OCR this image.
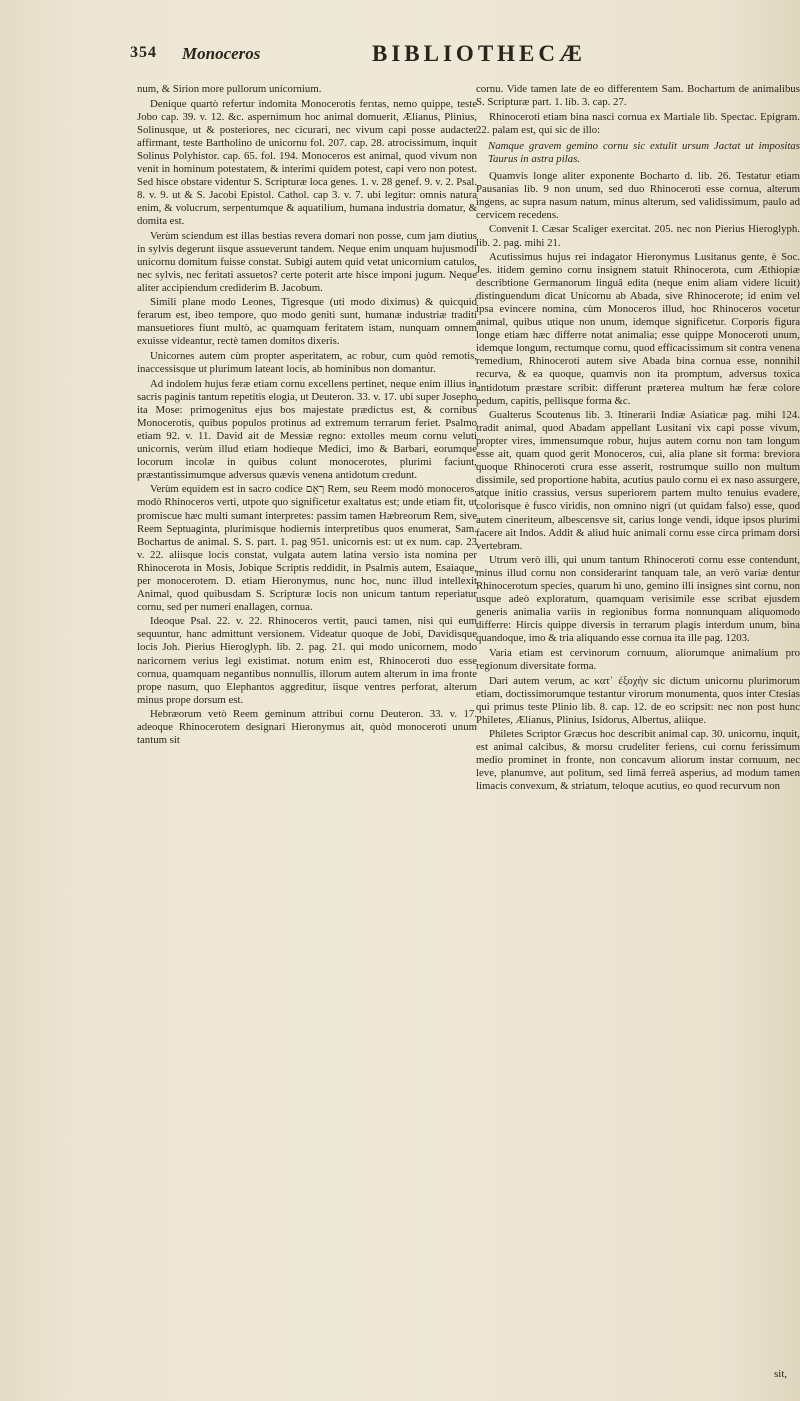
354 Monoceros	BIBLIOTHECÆ

num, & Sirion more pullorum unicornium.

Denique quartò refertur indomita Monocerotis ferıtas, nemo quippe, teste Jobo cap. 39. v. 12. &c. aspernimum hoc animal domuerit, Ælianus, Plinius, Solinusque, ut & posteriores, nec cicurari, nec vivum capi posse audacter affirmant, teste Bartholino de unicornu fol. 207. cap. 28. atrocissimum, inquit Solinus Polyhistor. cap. 65. fol. 194. Monoceros est animal, quod vivum non venit in hominum potestatem, & interimi quidem potest, capi vero non potest. Sed hisce obstare videntur S. Scripturæ loca genes. 1. v. 28 genef. 9. v. 2. Psal. 8. v. 9. ut & S. Jacobi Epistol. Cathol. cap 3. v. 7. ubi legitur: omnis natura enim, & volucrum, serpentumque & aquatilium, humana industria domatur, & domita est.

Verùm sciendum est illas bestias revera domari non posse, cum jam diutius in sylvis degerunt iisque assueverunt tandem. Neque enim unquam hujusmodi unicornu domitum fuisse constat. Subigi autem quid vetat unicornium catulos, nec sylvis, nec feritati assuetos? certe poterit arte hisce imponi jugum. Neque aliter accipiendum crediderim B. Jacobum.

Simili plane modo Leones, Tigresque (uti modo diximus) & quicquid ferarum est, ibeo tempore, quo modo geniti sunt, humanæ industriæ traditi mansuetiores fiunt multò, ac quamquam feritatem istam, nunquam omnem exuisse videantur, rectè tamen domitos dixeris.

Unicornes autem cùm propter asperitatem, ac robur, cum quòd remotis, inaccessisque ut plurimum lateant locis, ab hominibus non domantur.

Ad indolem hujus feræ etiam cornu excellens pertinet, neque enim illius in sacris paginis tantum repetitis elogia, ut Deuteron. 33. v. 17. ubi super Josepho ita Mose: primogenitus ejus bos majestate prædictus est, & cornibus Monocerotis, quibus populos protinus ad extremum terrarum feriet. Psalmo etiam 92. v. 11. David ait de Messiæ regno: extolles meum cornu veluti unicornis, verùm illud etiam hodieque Medici, imo & Barbari, eorumque locorum incolæ in quibus colunt monocerotes, plurimi faciunt, præstantissimumque adversus quævis venena antidotum credunt.

Verùm equidem est in sacro codice רְאֵם Rem, seu Reem modò monoceros, modò Rhinoceros verti, utpote quo significetur exaltatus est; unde etiam fit, ut promiscue hæc multi sumant interpretes: passim tamen Hæbreorum Rem, sive Reem Septuaginta, plurimisque hodiernis interpretibus quos enumerat, Sam. Bochartus de animal. S. S. part. 1. pag 951. unicornis est: ut ex num. cap. 23 v. 22. aliisque locis constat, vulgata autem latina versio ista nomina per Rhinocerota in Mosis, Jobique Scriptis reddidit, in Psalmis autem, Esaiaque, per monocerotem. D. etiam Hieronymus, nunc hoc, nunc illud intellexit Animal, quod quibusdam S. Scripturæ locis non unicum tantum reperiatur cornu, sed per numeri enallagen, cornua.

Ideoque Psal. 22. v. 22. Rhinoceros vertit, pauci tamen, nisi qui eum sequuntur, hanc admittunt versionem. Videatur quoque de Jobi, Davidisque locis Joh. Pierius Hieroglyph. lib. 2. pag. 21. qui modo unicornem, modo naricornem verius legi existimat. notum enim est, Rhinoceroti duo esse cornua, quamquam negantibus nonnullis, illorum autem alterum in ima fronte prope nasum, quo Elephantos aggreditur, iisque ventres perforat, alterum minus prope dorsum est.

Hebræorum vetò Reem geminum attribui cornu Deuteron. 33. v. 17. adeoque Rhinocerotem designari Hieronymus ait, quòd monoceroti unum tantum sit

cornu. Vide tamen late de eo differentem Sam. Bochartum de animalibus S. Scripturæ part. 1. lib. 3. cap. 27.

Rhinoceroti etiam bina nasci cornua ex Martiale lib. Spectac. Epigram. 22. palam est, qui sic de illo:

Namque gravem gemino cornu sic extulit ursum Jactat ut impositas Taurus in astra pilas.

Quamvis longe aliter exponente Bocharto d. lib. 26. Testatur etiam Pausanias lib. 9 non unum, sed duo Rhinoceroti esse cornua, alterum ingens, ac supra nasum natum, minus alterum, sed validissimum, paulo ad cervicem recedens.

Convenit I. Cæsar Scaliger exercitat. 205. nec non Pierius Hieroglyph. lib. 2. pag. mihi 21.

Acutissimus hujus rei indagator Hieronymus Lusitanus gente, è Soc. Jes. itidem gemino cornu insignem statuit Rhinocerota, cum Æthiopiæ describtione Germanorum linguâ edita (neque enim aliam videre licuit) distinguendum dicat Unicornu ab Abada, sive Rhinocerote; id enim vel ipsa evincere nomina, cùm Monoceros illud, hoc Rhinoceros vocetur animal, quibus utique non unum, idemque significetur. Corporis figura longe etiam hæc differre notat animalia; esse quippe Monoceroti unum, idemque longum, rectumque cornu, quod efficacissimum sit contra venena remedium, Rhinoceroti autem sive Abada bina cornua esse, nonnihil recurva, & ea quoque, quamvis non ita promptum, adversus toxica antidotum præstare scribit: differunt præterea multum hæ feræ colore pedum, capitis, pellisque forma &c.

Gualterus Scoutenus lib. 3. Itinerarii Indiæ Asiaticæ pag. mihi 124. tradit animal, quod Abadam appellant Lusitani vix capi posse vivum, propter vires, immensumque robur, hujus autem cornu non tam longum esse ait, quam quod gerit Monoceros, cui, alia plane sit forma: breviora quoque Rhinoceroti crura esse asserit, rostrumque suillo non multum dissimile, sed proportione habita, acutius paulo cornu ei ex naso assurgere, atque initio crassius, versus superiorem partem multo tenuius evadere, colorisque è fusco viridis, non omnino nigri (ut quidam falso) esse, quod autem cineriteum, albescensve sit, carius longe vendi, idque ipsos plurimi facere ait Indos. Addit & aliud huic animali cornu esse circa primam dorsi vertebram.

Utrum verò illi, qui unum tantum Rhinoceroti cornu esse contendunt, minus illud cornu non considerarint tanquam tale, an verò variæ dentur Rhinocerotum species, quarum hi uno, gemino illi insignes sint cornu, non usque adeò exploratum, quamquam verisimile esse scribat ejusdem generis animalia variis in regionibus forma nonnunquam aliquomodo differre: Hircis quippe diversis in terrarum plagis interdum unum, bina quandoque, imo & tria aliquando esse cornua ita ille pag. 1203.

Varia etiam est cervinorum cornuum, aliorumque animalium pro regionum diversitate forma.

Dari autem verum, ac κατ᾽ ἐξοχὴν sic dictum unicornu plurimorum etiam, doctissimorumque testantur virorum monumenta, quos inter Ctesias qui primus teste Plinio lib. 8. cap. 12. de eo scripsit: nec non post hunc Philetes, Ælianus, Plinius, Isidorus, Albertus, aliique.

Philetes Scriptor Græcus hoc describit animal cap. 30. unicornu, inquit, est animal calcibus, & morsu crudeliter feriens, cui cornu ferissimum medio prominet in fronte, non concavum aliorum instar cornuum, nec leve, planumve, aut politum, sed limâ ferreâ asperius, ad modum tamen limacis convexum, & striatum, teloque acutius, eo quod recurvum non

sit,
